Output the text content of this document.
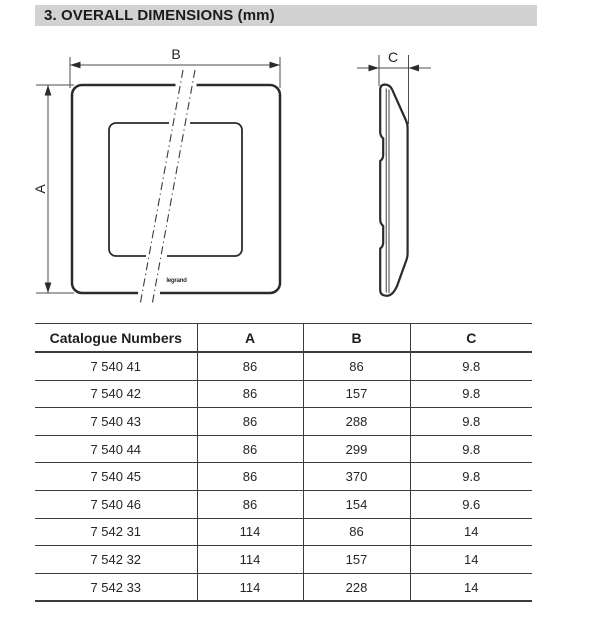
3. OVERALL DIMENSIONS (mm)
B
A
legrand
C
Catalogue Numbers	A	B	C
7 540 41	86	86	9.8
7 540 42	86	157	9.8
7 540 43	86	288	9.8
7 540 44	86	299	9.8
7 540 45	86	370	9.8
7 540 46	86	154	9.6
7 542 31	114	86	14
7 542 32	114	157	14
7 542 33	114	228	14
